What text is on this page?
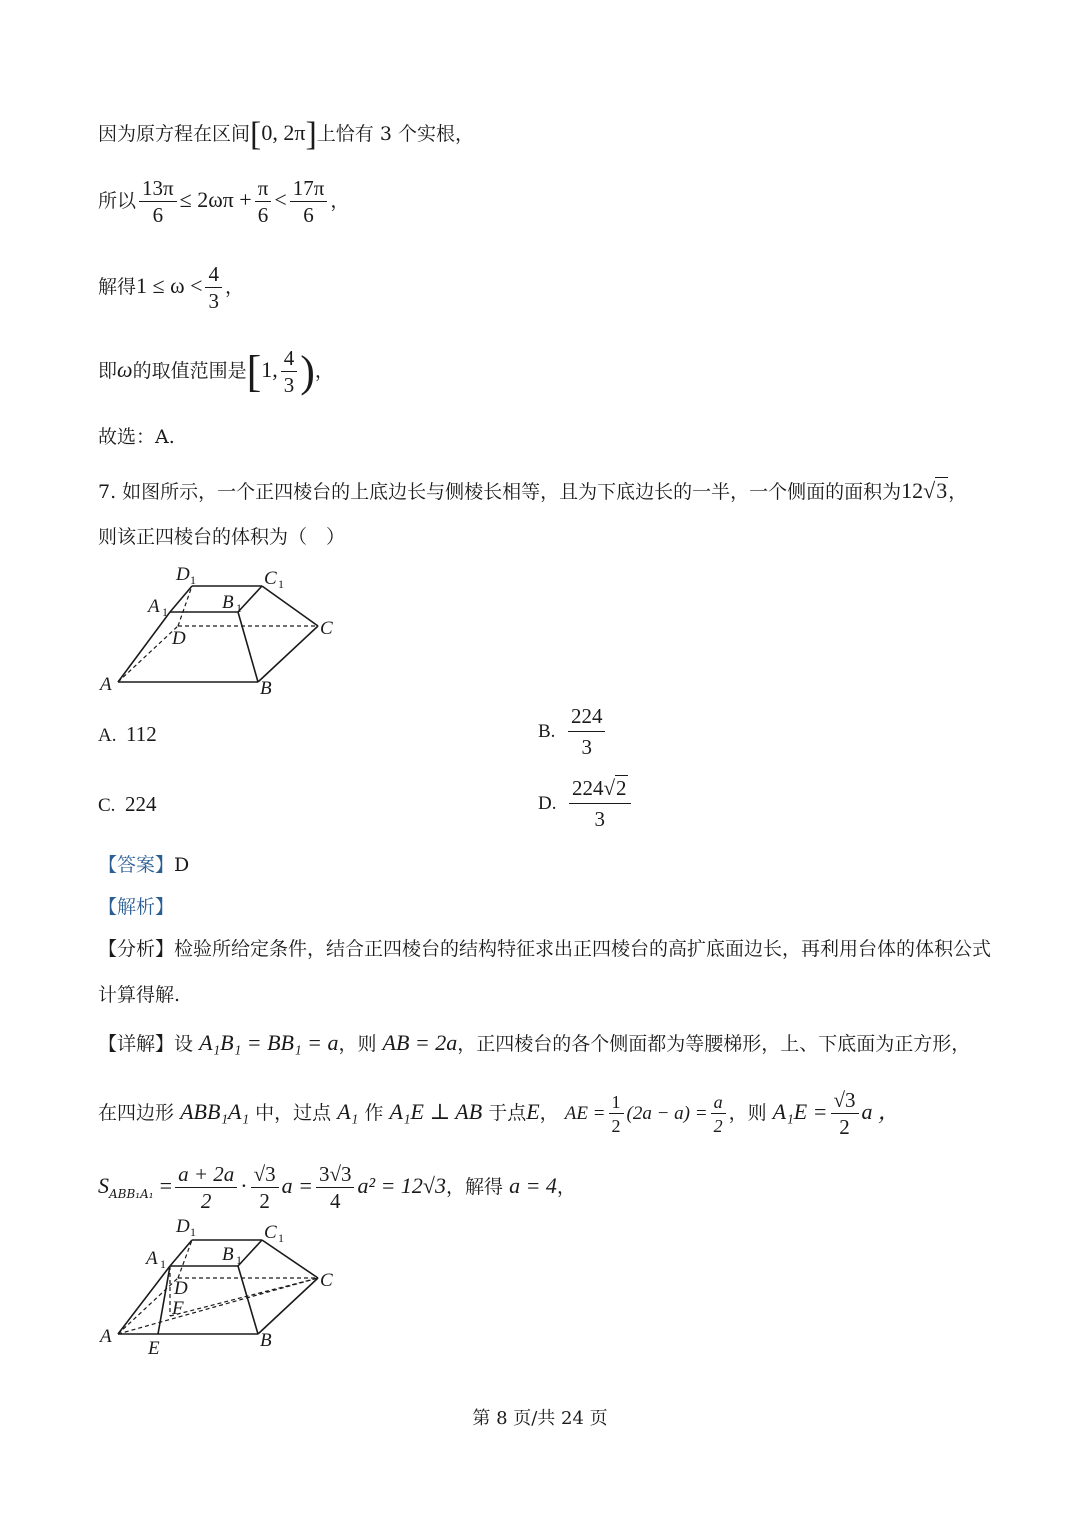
因为原方程在区间[0, 2π]上恰有 3 个实根，
所以 $\frac{13\pi}{6} \le 2\omega\pi + \frac{\pi}{6} < \frac{17\pi}{6}$ ，
解得$1 \le \omega < \frac{4}{3}$ ，
即ω的取值范围是[1, $\frac{4}{3}$ )，
故选：A.
7. 如图所示，一个正四棱台的上底边长与侧棱长相等，且为下底边长的一半，一个侧面的面积为12√3，
则该正四棱台的体积为（　）
D 1	C 1
A 1	B 1
D	C
A	B
A. 112	B. $\frac{224}{3}$
C. 224	D. $\frac{224√2}{3}$
【答案】D
【解析】
【分析】检验所给定条件，结合正四棱台的结构特征求出正四棱台的高扩底面边长，再利用台体的体积公式
计算得解.
【详解】设 A₁B₁ = BB₁ = a，则 AB = 2a，正四棱台的各个侧面都为等腰梯形，上、下底面为正方形，
在四边形 ABB₁A₁ 中，过点 A₁ 作 A₁E ⊥ AB 于点E， AE = $\frac{1}{2} (2a - a) = \frac{a}{2}$ ，则 $A_1E = \frac{√3}{2}$ a ，
$S_{ABB_1A_1} = \frac{a + 2a}{2} \cdot \frac{√3}{2}$ $a = \frac{3√3}{4} a^2 = 12√3$，解得 a = 4，
D 1	C 1
A 1	B 1
D
F
C
A
E	B
第 8 页/共 24 页
